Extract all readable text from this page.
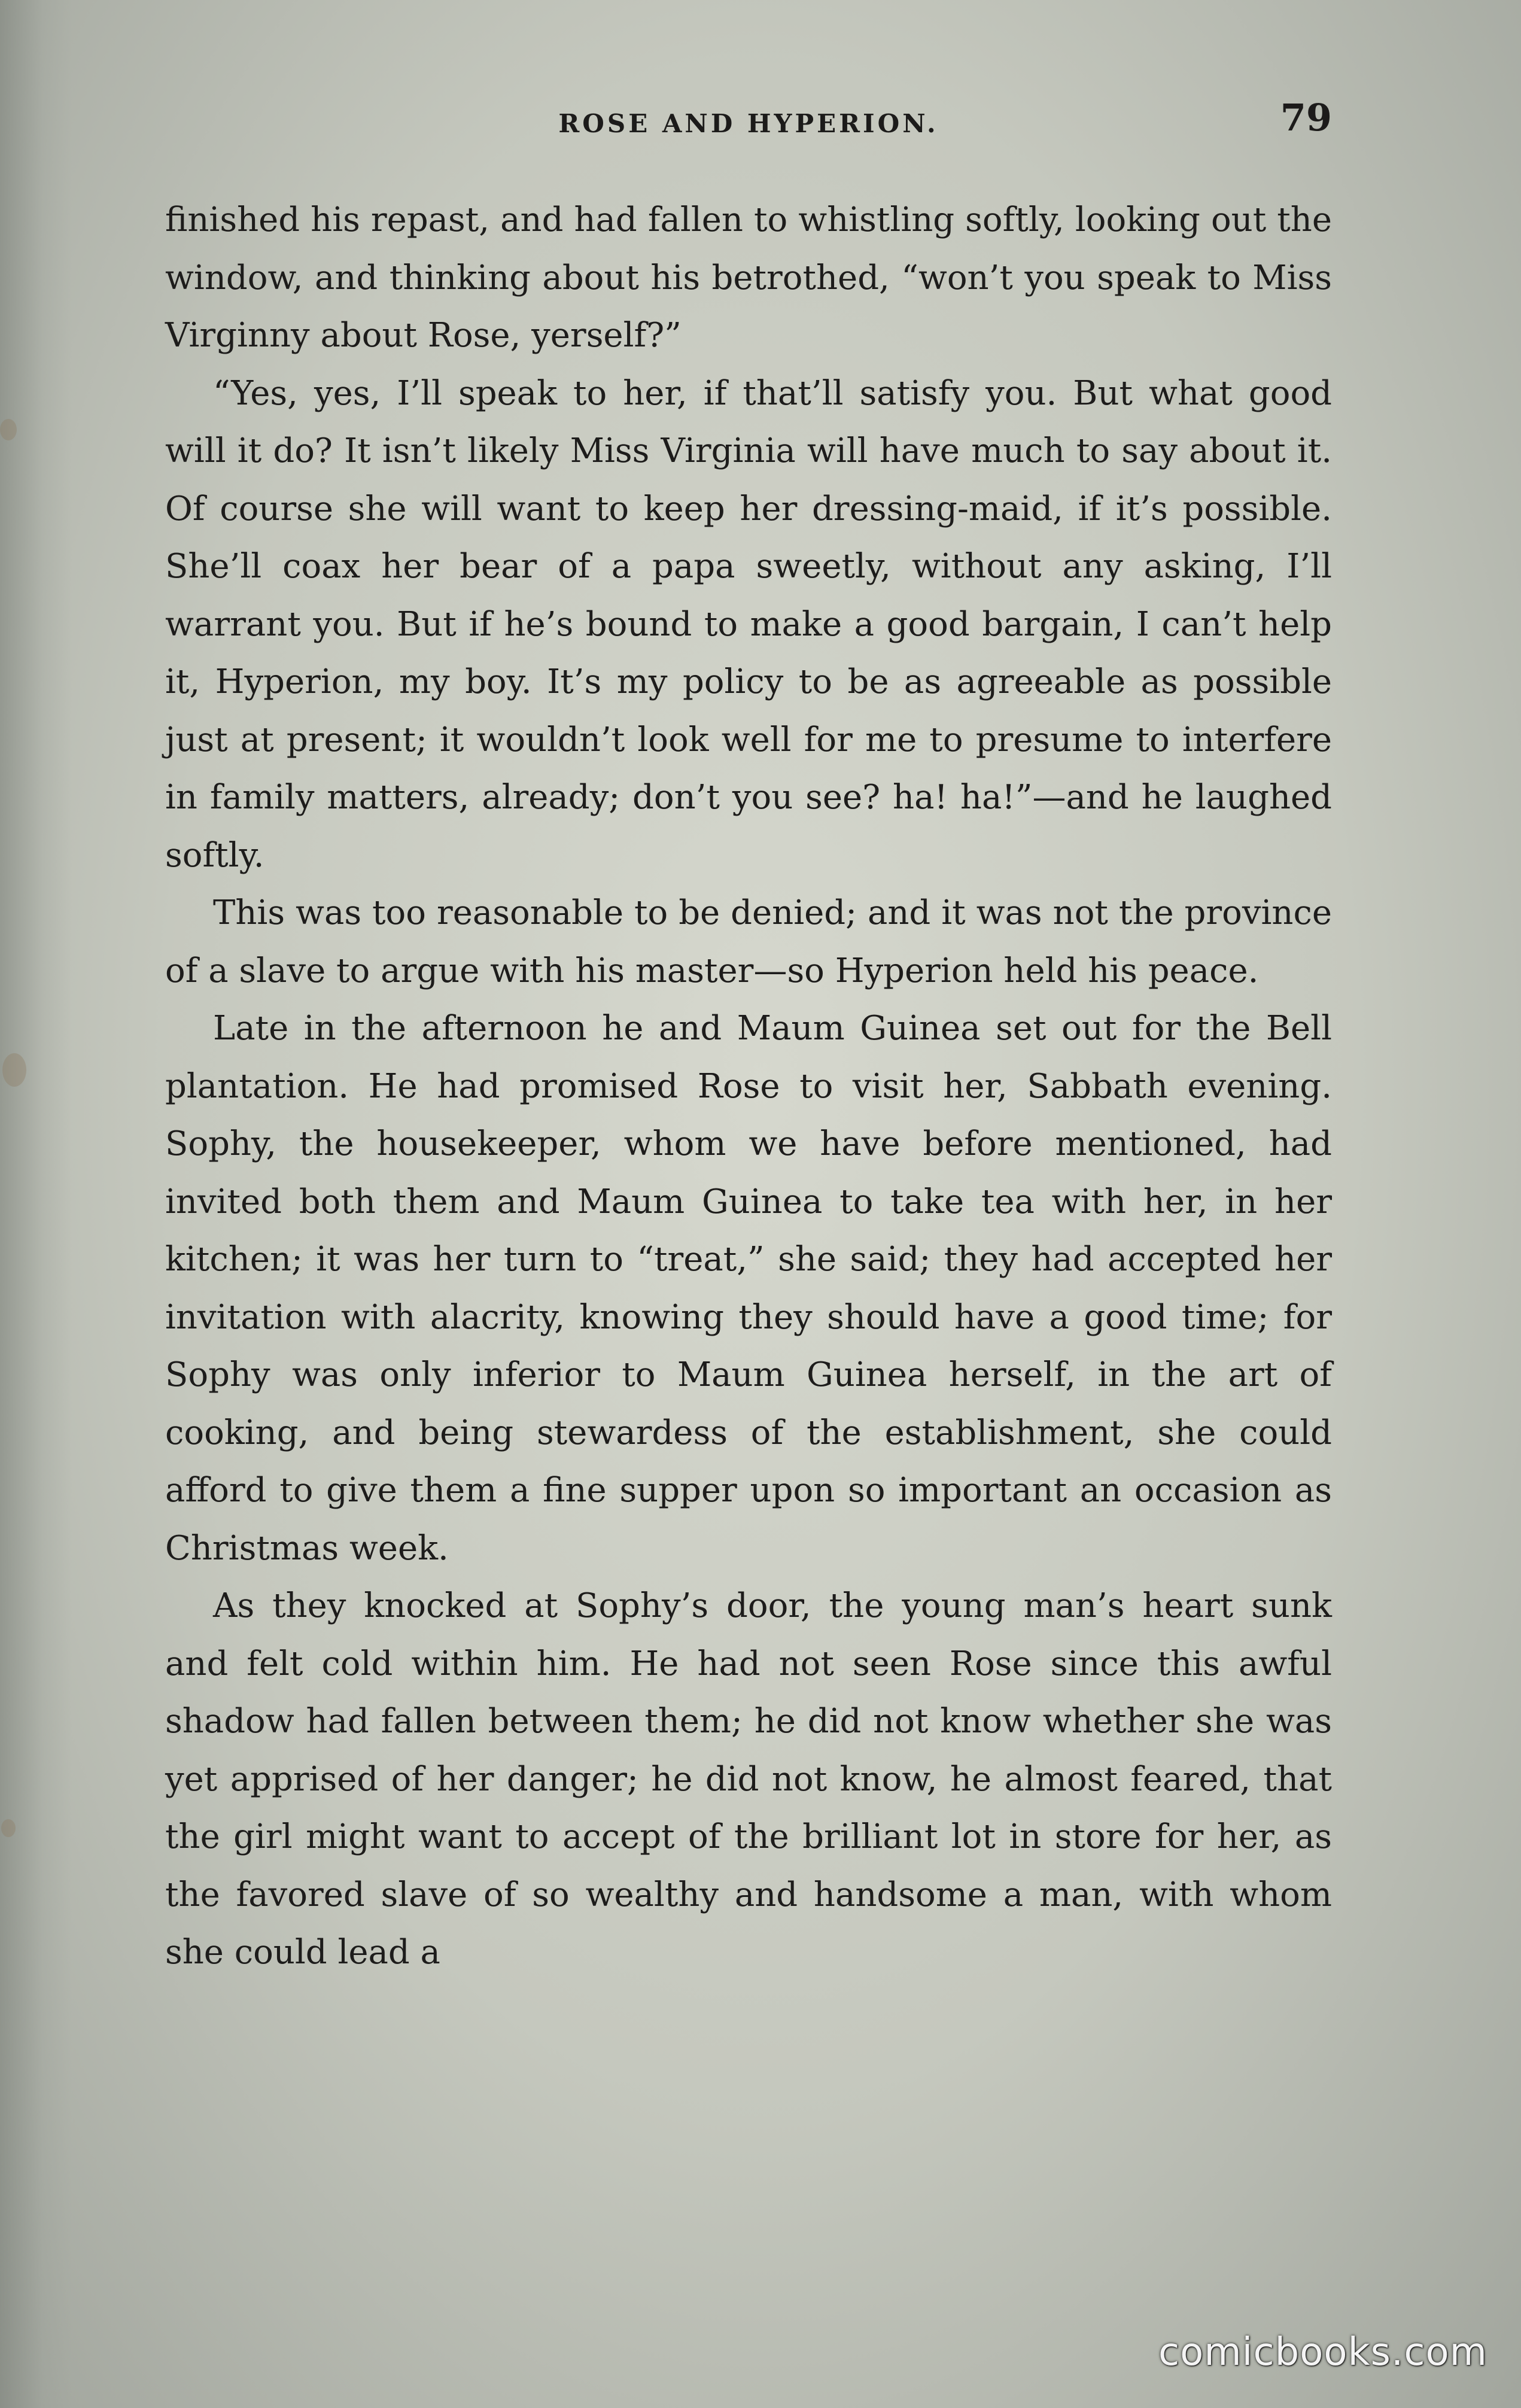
ROSE AND HYPERION.	79

finished his repast, and had fallen to whistling softly, looking out the window, and thinking about his betrothed, “won’t you speak to Miss Virginny about Rose, yerself?”

“Yes, yes, I’ll speak to her, if that’ll satisfy you. But what good will it do? It isn’t likely Miss Virginia will have much to say about it. Of course she will want to keep her dressing-maid, if it’s possible. She’ll coax her bear of a papa sweetly, without any asking, I’ll warrant you. But if he’s bound to make a good bargain, I can’t help it, Hyperion, my boy. It’s my policy to be as agreeable as possible just at present; it wouldn’t look well for me to presume to interfere in family matters, already; don’t you see? ha! ha!”—and he laughed softly.

This was too reasonable to be denied; and it was not the province of a slave to argue with his master—so Hyperion held his peace.

Late in the afternoon he and Maum Guinea set out for the Bell plantation. He had promised Rose to visit her, Sabbath evening. Sophy, the housekeeper, whom we have before mentioned, had invited both them and Maum Guinea to take tea with her, in her kitchen; it was her turn to “treat,” she said; they had accepted her invitation with alacrity, knowing they should have a good time; for Sophy was only inferior to Maum Guinea herself, in the art of cooking, and being stewardess of the establishment, she could afford to give them a fine supper upon so important an occasion as Christmas week.

As they knocked at Sophy’s door, the young man’s heart sunk and felt cold within him. He had not seen Rose since this awful shadow had fallen between them; he did not know whether she was yet apprised of her danger; he did not know, he almost feared, that the girl might want to accept of the brilliant lot in store for her, as the favored slave of so wealthy and handsome a man, with whom she could lead a

comicbooks.com
